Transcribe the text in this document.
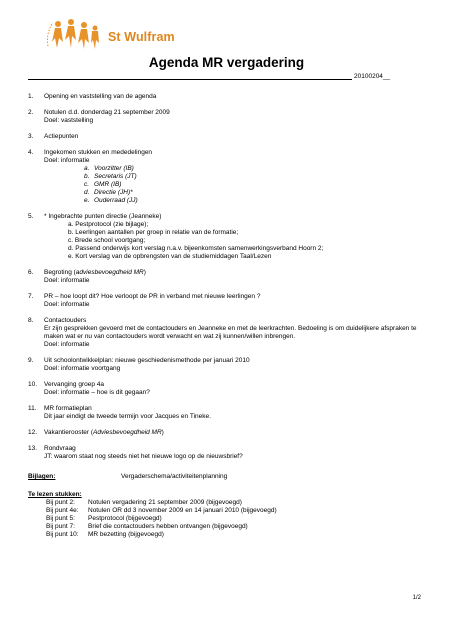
St Wulfram
Agenda MR vergadering
20100204__
1.	Opening en vaststelling van de agenda
2.	Notulen d.d. donderdag 21 september 2009
Doel: vaststelling
3.	Actiepunten
4.	Ingekomen stukken en mededelingen
Doel: informatie
a. Voorzitter (IB)
b. Secretaris (JT)
c. GMR (IB)
d. Directie (JH)*
e. Ouderraad (JJ)
5.	* Ingebrachte punten directie (Jeanneke)
a. Pestprotocol (zie bijlage);
b. Leerlingen aantallen per groep in relatie van de formatie;
c. Brede school voortgang;
d. Passend onderwijs kort verslag n.a.v. bijeenkomsten samenwerkingsverband Hoorn 2;
e. Kort verslag van de opbrengsten van de studiemiddagen Taal/Lezen
6.	Begroting (adviesbevoegdheid MR)
Doel: informatie
7.	PR – hoe loopt dit? Hoe verloopt de PR in verband met nieuwe leerlingen ?
Doel: informatie
8.	Contactouders
Er zijn gesprekken gevoerd met de contactouders en Jeanneke en met de leerkrachten. Bedoeling is om duidelijkere afspraken te maken wat er nu van contactouders wordt verwacht en wat zij kunnen/willen inbrengen.
Doel: informatie
9.	Uit schoolontwikkelplan: nieuwe geschiedenismethode per januari 2010
Doel: informatie voortgang
10.	Vervanging groep 4a
Doel: informatie – hoe is dit gegaan?
11.	MR formatieplan
Dit jaar eindigt de tweede termijn voor Jacques en Tineke.
12.	Vakantierooster (Adviesbevoegdheid MR)
13.	Rondvraag
JT: waarom staat nog steeds niet het nieuwe logo op de nieuwsbrief?
Bijlagen:	Vergaderschema/activiteitenplanning
Te lezen stukken:
Bij punt 2:	Notulen vergadering 21 september 2009 (bijgevoegd)
Bij punt 4e:	Notulen OR dd 3 november 2009 en 14 januari 2010 (bijgevoegd)
Bij punt 5:	Pestprotocol (bijgevoegd)
Bij punt 7:	Brief die contactouders hebben ontvangen (bijgevoegd)
Bij punt 10:	MR bezetting (bijgevoegd)
1/2
